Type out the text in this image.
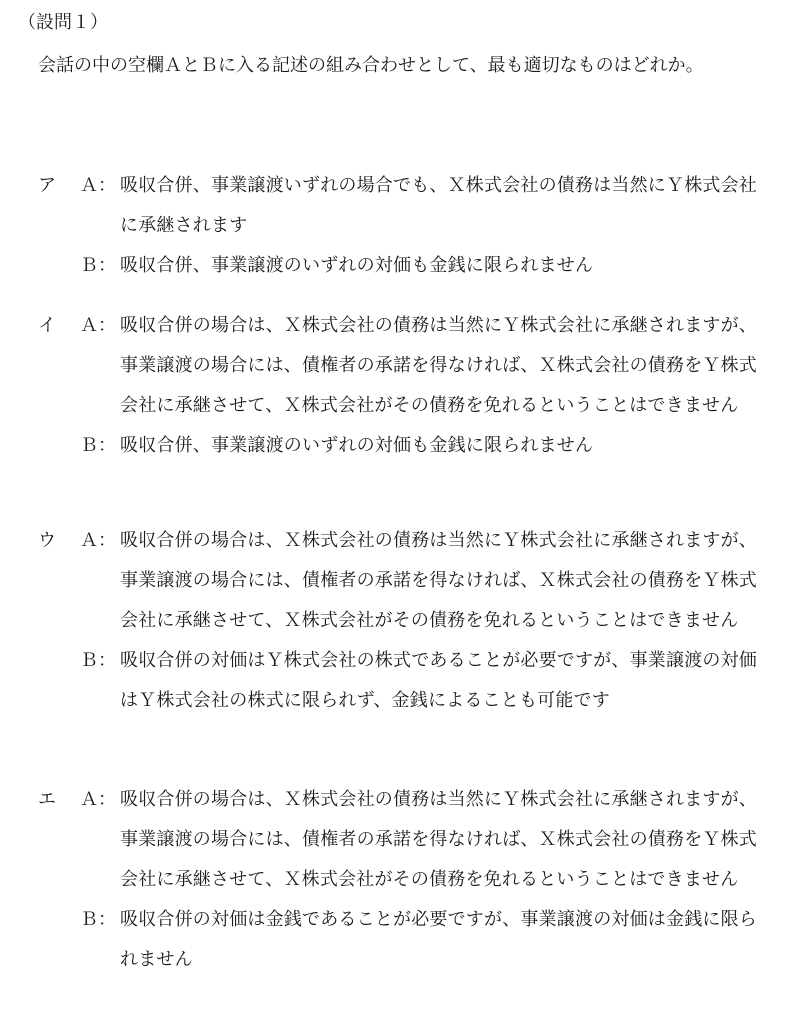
（設問１）
会話の中の空欄ＡとＢに入る記述の組み合わせとして、最も適切なものはどれか。
ア	Ａ ： 吸収合併、事業譲渡いずれの場合でも、Ｘ株式会社の債務は当然にＹ株式会社に承継されます
Ｂ ： 吸収合併、事業譲渡のいずれの対価も金銭に限られません
イ	Ａ ： 吸収合併の場合は、Ｘ株式会社の債務は当然にＹ株式会社に承継されますが、事業譲渡の場合には、債権者の承諾を得なければ、Ｘ株式会社の債務をＹ株式会社に承継させて、Ｘ株式会社がその債務を免れるということはできません
Ｂ ： 吸収合併、事業譲渡のいずれの対価も金銭に限られません
ウ	Ａ ： 吸収合併の場合は、Ｘ株式会社の債務は当然にＹ株式会社に承継されますが、事業譲渡の場合には、債権者の承諾を得なければ、Ｘ株式会社の債務をＹ株式会社に承継させて、Ｘ株式会社がその債務を免れるということはできません
Ｂ ： 吸収合併の対価はＹ株式会社の株式であることが必要ですが、事業譲渡の対価はＹ株式会社の株式に限られず、金銭によることも可能です
エ	Ａ ： 吸収合併の場合は、Ｘ株式会社の債務は当然にＹ株式会社に承継されますが、事業譲渡の場合には、債権者の承諾を得なければ、Ｘ株式会社の債務をＹ株式会社に承継させて、Ｘ株式会社がその債務を免れるということはできません
Ｂ ： 吸収合併の対価は金銭であることが必要ですが、事業譲渡の対価は金銭に限られません
